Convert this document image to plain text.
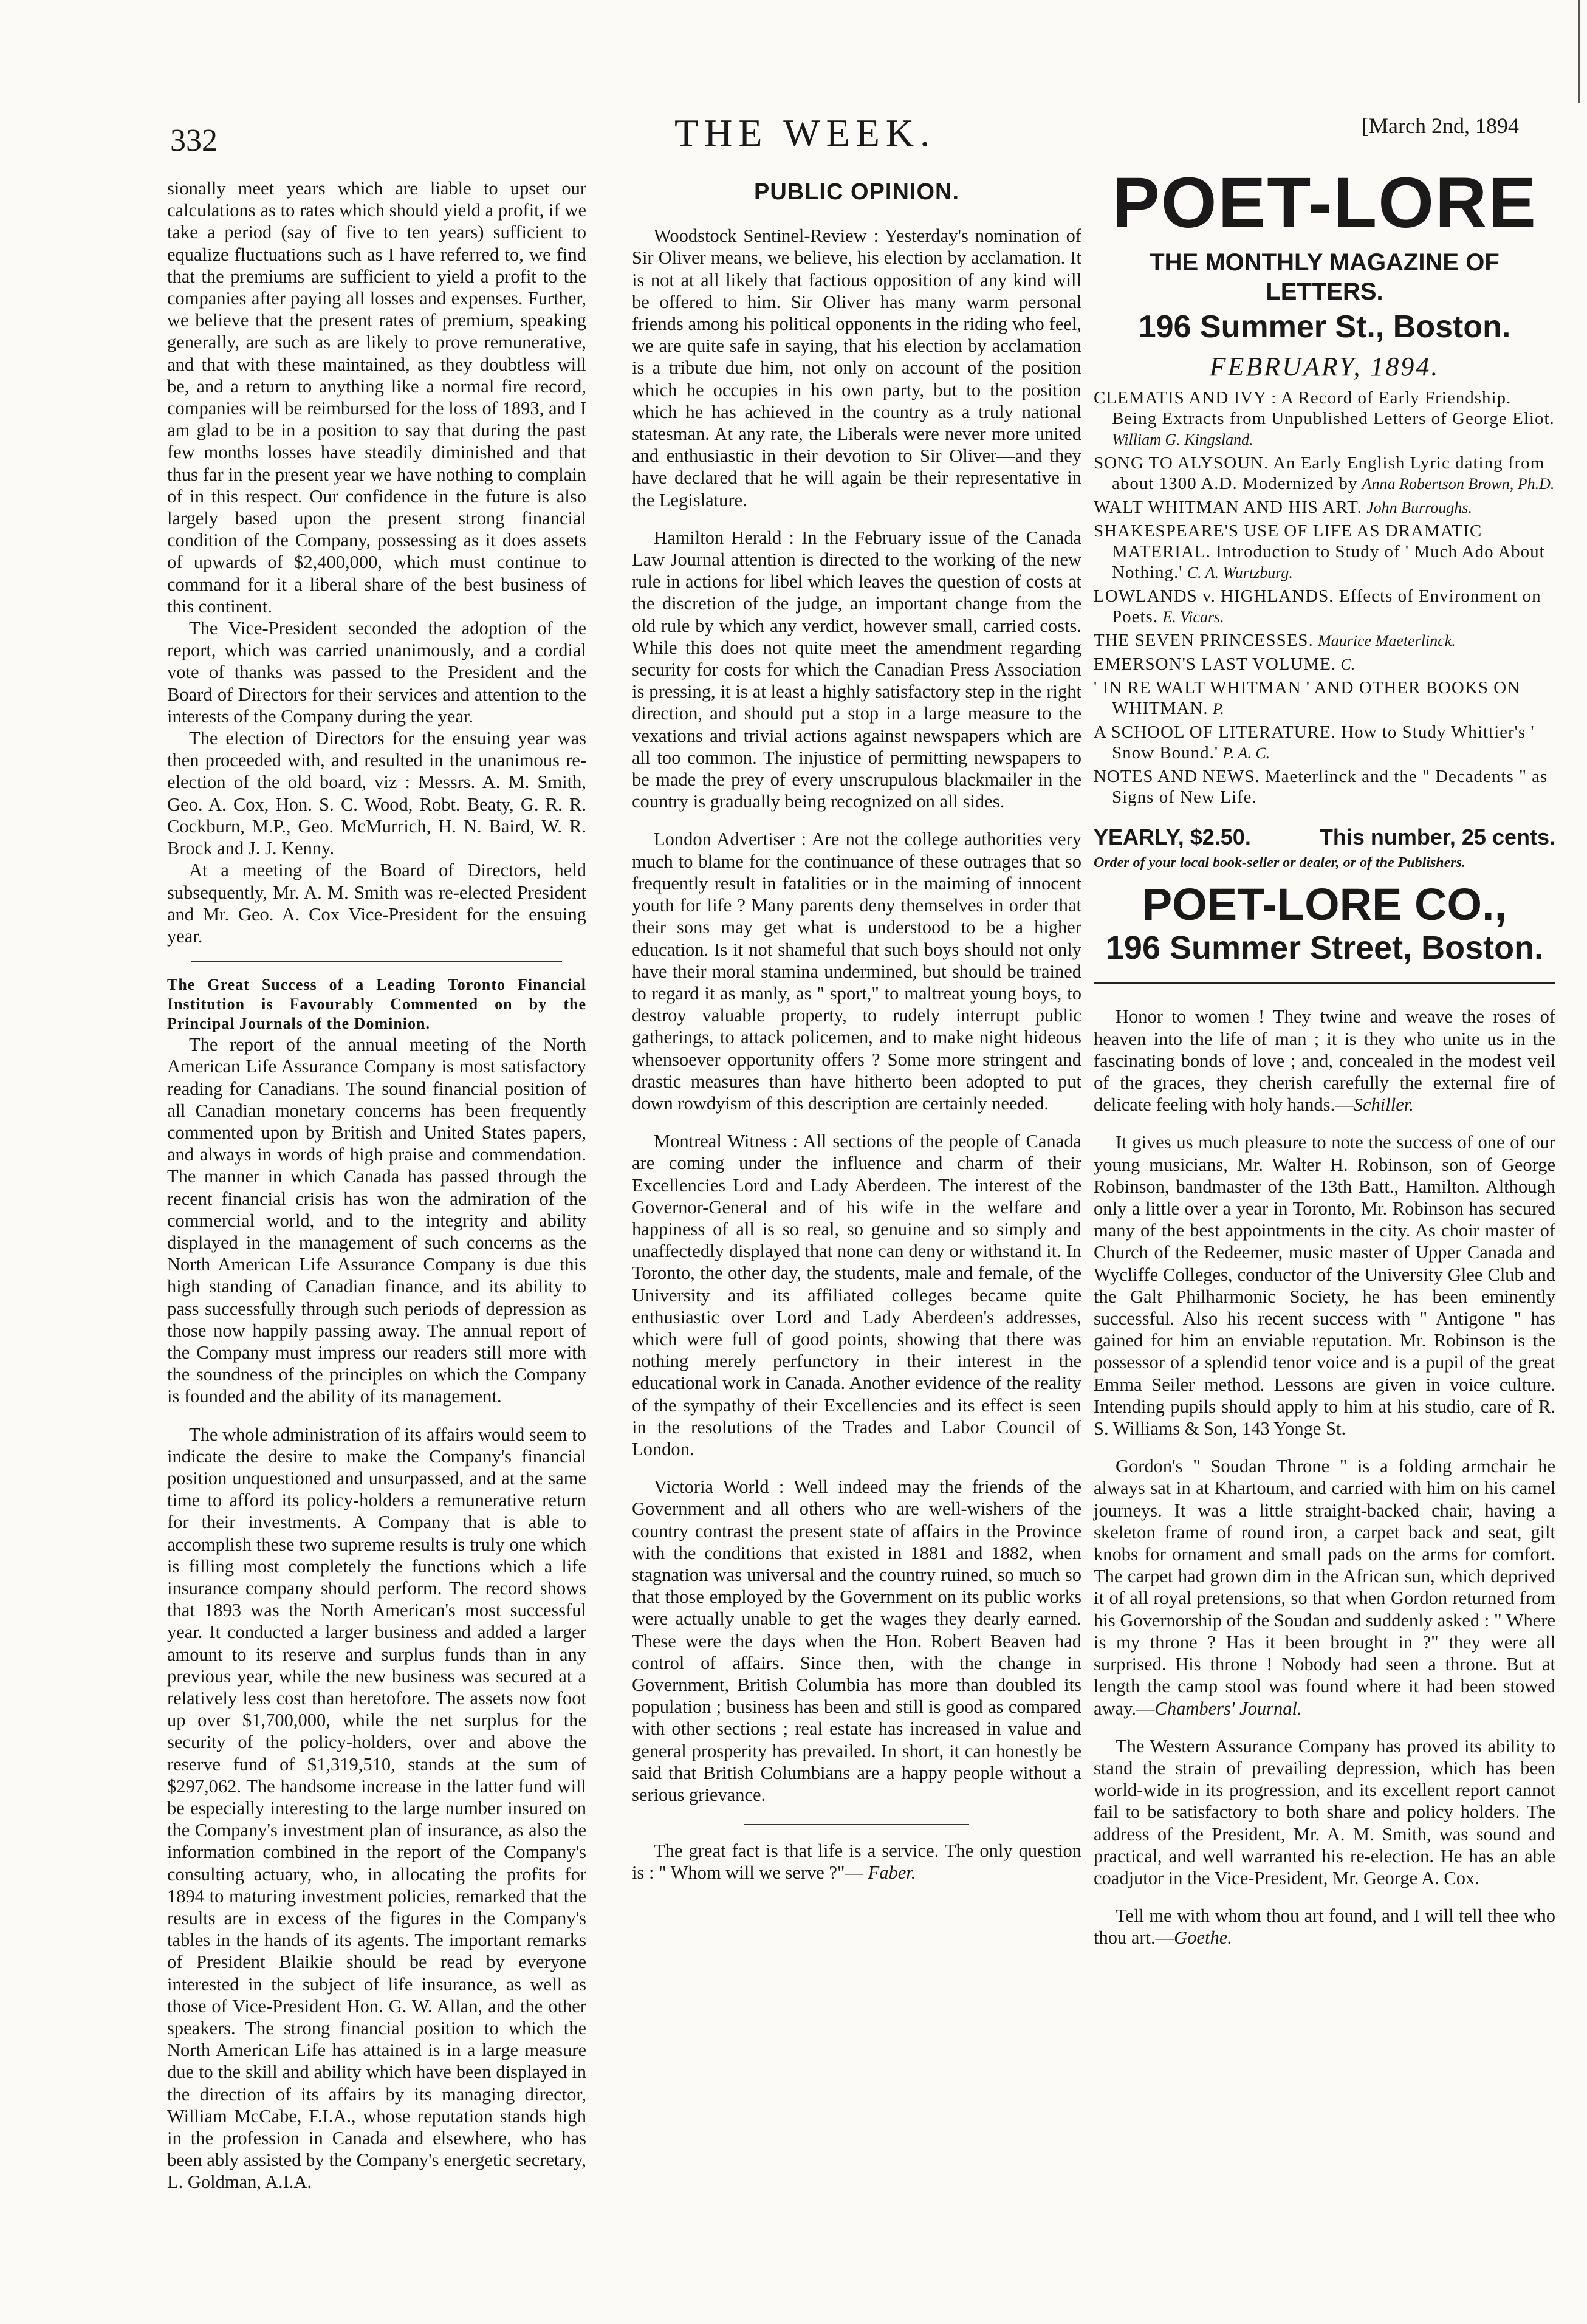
332	THE WEEK.	[March 2nd, 1894

sionally meet years which are liable to upset our calculations as to rates which should yield a profit, if we take a period (say of five to ten years) sufficient to equalize fluctuations such as I have referred to, we find that the premiums are sufficient to yield a profit to the companies after paying all losses and expenses. Further, we believe that the present rates of premium, speaking generally, are such as are likely to prove remunerative, and that with these maintained, as they doubtless will be, and a return to anything like a normal fire record, companies will be reimbursed for the loss of 1893, and I am glad to be in a position to say that during the past few months losses have steadily diminished and that thus far in the present year we have nothing to complain of in this respect. Our confidence in the future is also largely based upon the present strong financial condition of the Company, possessing as it does assets of upwards of $2,400,000, which must continue to command for it a liberal share of the best business of this continent.

The Vice-President seconded the adoption of the report, which was carried unanimously, and a cordial vote of thanks was passed to the President and the Board of Directors for their services and attention to the interests of the Company during the year.

The election of Directors for the ensuing year was then proceeded with, and resulted in the unanimous re-election of the old board, viz : Messrs. A. M. Smith, Geo. A. Cox, Hon. S. C. Wood, Robt. Beaty, G. R. R. Cockburn, M.P., Geo. McMurrich, H. N. Baird, W. R. Brock and J. J. Kenny.

At a meeting of the Board of Directors, held subsequently, Mr. A. M. Smith was re-elected President and Mr. Geo. A. Cox Vice-President for the ensuing year.

The Great Success of a Leading Toronto Financial Institution is Favourably Commented on by the Principal Journals of the Dominion.

The report of the annual meeting of the North American Life Assurance Company is most satisfactory reading for Canadians. The sound financial position of all Canadian monetary concerns has been frequently commented upon by British and United States papers, and always in words of high praise and commendation. The manner in which Canada has passed through the recent financial crisis has won the admiration of the commercial world, and to the integrity and ability displayed in the management of such concerns as the North American Life Assurance Company is due this high standing of Canadian finance, and its ability to pass successfully through such periods of depression as those now happily passing away. The annual report of the Company must impress our readers still more with the soundness of the principles on which the Company is founded and the ability of its management.

The whole administration of its affairs would seem to indicate the desire to make the Company's financial position unquestioned and unsurpassed, and at the same time to afford its policy-holders a remunerative return for their investments. A Company that is able to accomplish these two supreme results is truly one which is filling most completely the functions which a life insurance company should perform. The record shows that 1893 was the North American's most successful year. It conducted a larger business and added a larger amount to its reserve and surplus funds than in any previous year, while the new business was secured at a relatively less cost than heretofore. The assets now foot up over $1,700,000, while the net surplus for the security of the policy-holders, over and above the reserve fund of $1,319,510, stands at the sum of $297,062. The handsome increase in the latter fund will be especially interesting to the large number insured on the Company's investment plan of insurance, as also the information combined in the report of the Company's consulting actuary, who, in allocating the profits for 1894 to maturing investment policies, remarked that the results are in excess of the figures in the Company's tables in the hands of its agents. The important remarks of President Blaikie should be read by everyone interested in the subject of life insurance, as well as those of Vice-President Hon. G. W. Allan, and the other speakers. The strong financial position to which the North American Life has attained is in a large measure due to the skill and ability which have been displayed in the direction of its affairs by its managing director, William McCabe, F.I.A., whose reputation stands high in the profession in Canada and elsewhere, who has been ably assisted by the Company's energetic secretary, L. Goldman, A.I.A.

PUBLIC OPINION.

Woodstock Sentinel-Review : Yesterday's nomination of Sir Oliver means, we believe, his election by acclamation. It is not at all likely that factious opposition of any kind will be offered to him. Sir Oliver has many warm personal friends among his political opponents in the riding who feel, we are quite safe in saying, that his election by acclamation is a tribute due him, not only on account of the position which he occupies in his own party, but to the position which he has achieved in the country as a truly national statesman. At any rate, the Liberals were never more united and enthusiastic in their devotion to Sir Oliver—and they have declared that he will again be their representative in the Legislature.

Hamilton Herald : In the February issue of the Canada Law Journal attention is directed to the working of the new rule in actions for libel which leaves the question of costs at the discretion of the judge, an important change from the old rule by which any verdict, however small, carried costs. While this does not quite meet the amendment regarding security for costs for which the Canadian Press Association is pressing, it is at least a highly satisfactory step in the right direction, and should put a stop in a large measure to the vexations and trivial actions against newspapers which are all too common. The injustice of permitting newspapers to be made the prey of every unscrupulous blackmailer in the country is gradually being recognized on all sides.

London Advertiser : Are not the college authorities very much to blame for the continuance of these outrages that so frequently result in fatalities or in the maiming of innocent youth for life ? Many parents deny themselves in order that their sons may get what is understood to be a higher education. Is it not shameful that such boys should not only have their moral stamina undermined, but should be trained to regard it as manly, as " sport," to maltreat young boys, to destroy valuable property, to rudely interrupt public gatherings, to attack policemen, and to make night hideous whensoever opportunity offers ? Some more stringent and drastic measures than have hitherto been adopted to put down rowdyism of this description are certainly needed.

Montreal Witness : All sections of the people of Canada are coming under the influence and charm of their Excellencies Lord and Lady Aberdeen. The interest of the Governor-General and of his wife in the welfare and happiness of all is so real, so genuine and so simply and unaffectedly displayed that none can deny or withstand it. In Toronto, the other day, the students, male and female, of the University and its affiliated colleges became quite enthusiastic over Lord and Lady Aberdeen's addresses, which were full of good points, showing that there was nothing merely perfunctory in their interest in the educational work in Canada. Another evidence of the reality of the sympathy of their Excellencies and its effect is seen in the resolutions of the Trades and Labor Council of London.

Victoria World : Well indeed may the friends of the Government and all others who are well-wishers of the country contrast the present state of affairs in the Province with the conditions that existed in 1881 and 1882, when stagnation was universal and the country ruined, so much so that those employed by the Government on its public works were actually unable to get the wages they dearly earned. These were the days when the Hon. Robert Beaven had control of affairs. Since then, with the change in Government, British Columbia has more than doubled its population ; business has been and still is good as compared with other sections ; real estate has increased in value and general prosperity has prevailed. In short, it can honestly be said that British Columbians are a happy people without a serious grievance.

The great fact is that life is a service. The only question is : " Whom will we serve ?"— Faber.

POET-LORE
THE MONTHLY MAGAZINE OF LETTERS.
196 Summer St., Boston.
FEBRUARY, 1894.
CLEMATIS AND IVY : A Record of Early Friendship. Being Extracts from Unpublished Letters of George Eliot. William G. Kingsland.
SONG TO ALYSOUN. An Early English Lyric dating from about 1300 A.D. Modernized by Anna Robertson Brown, Ph.D.
WALT WHITMAN AND HIS ART. John Burroughs.
SHAKESPEARE'S USE OF LIFE AS DRAMATIC MATERIAL. Introduction to Study of ' Much Ado About Nothing.' C. A. Wurtzburg.
LOWLANDS v. HIGHLANDS. Effects of Environment on Poets. E. Vicars.
THE SEVEN PRINCESSES. Maurice Maeterlinck.
EMERSON'S LAST VOLUME. C.
' IN RE WALT WHITMAN ' AND OTHER BOOKS ON WHITMAN. P.
A SCHOOL OF LITERATURE. How to Study Whittier's ' Snow Bound.' P. A. C.
NOTES AND NEWS. Maeterlinck and the " Decadents " as Signs of New Life.
YEARLY, $2.50.	This number, 25 cents.
Order of your local book-seller or dealer, or of the Publishers.
POET-LORE CO.,
196 Summer Street, Boston.

Honor to women ! They twine and weave the roses of heaven into the life of man ; it is they who unite us in the fascinating bonds of love ; and, concealed in the modest veil of the graces, they cherish carefully the external fire of delicate feeling with holy hands.—Schiller.

It gives us much pleasure to note the success of one of our young musicians, Mr. Walter H. Robinson, son of George Robinson, bandmaster of the 13th Batt., Hamilton. Although only a little over a year in Toronto, Mr. Robinson has secured many of the best appointments in the city. As choir master of Church of the Redeemer, music master of Upper Canada and Wycliffe Colleges, conductor of the University Glee Club and the Galt Philharmonic Society, he has been eminently successful. Also his recent success with " Antigone " has gained for him an enviable reputation. Mr. Robinson is the possessor of a splendid tenor voice and is a pupil of the great Emma Seiler method. Lessons are given in voice culture. Intending pupils should apply to him at his studio, care of R. S. Williams & Son, 143 Yonge St.

Gordon's " Soudan Throne " is a folding armchair he always sat in at Khartoum, and carried with him on his camel journeys. It was a little straight-backed chair, having a skeleton frame of round iron, a carpet back and seat, gilt knobs for ornament and small pads on the arms for comfort. The carpet had grown dim in the African sun, which deprived it of all royal pretensions, so that when Gordon returned from his Governorship of the Soudan and suddenly asked : " Where is my throne ? Has it been brought in ?" they were all surprised. His throne ! Nobody had seen a throne. But at length the camp stool was found where it had been stowed away.—Chambers' Journal.

The Western Assurance Company has proved its ability to stand the strain of prevailing depression, which has been world-wide in its progression, and its excellent report cannot fail to be satisfactory to both share and policy holders. The address of the President, Mr. A. M. Smith, was sound and practical, and well warranted his re-election. He has an able coadjutor in the Vice-President, Mr. George A. Cox.

Tell me with whom thou art found, and I will tell thee who thou art.—Goethe.
